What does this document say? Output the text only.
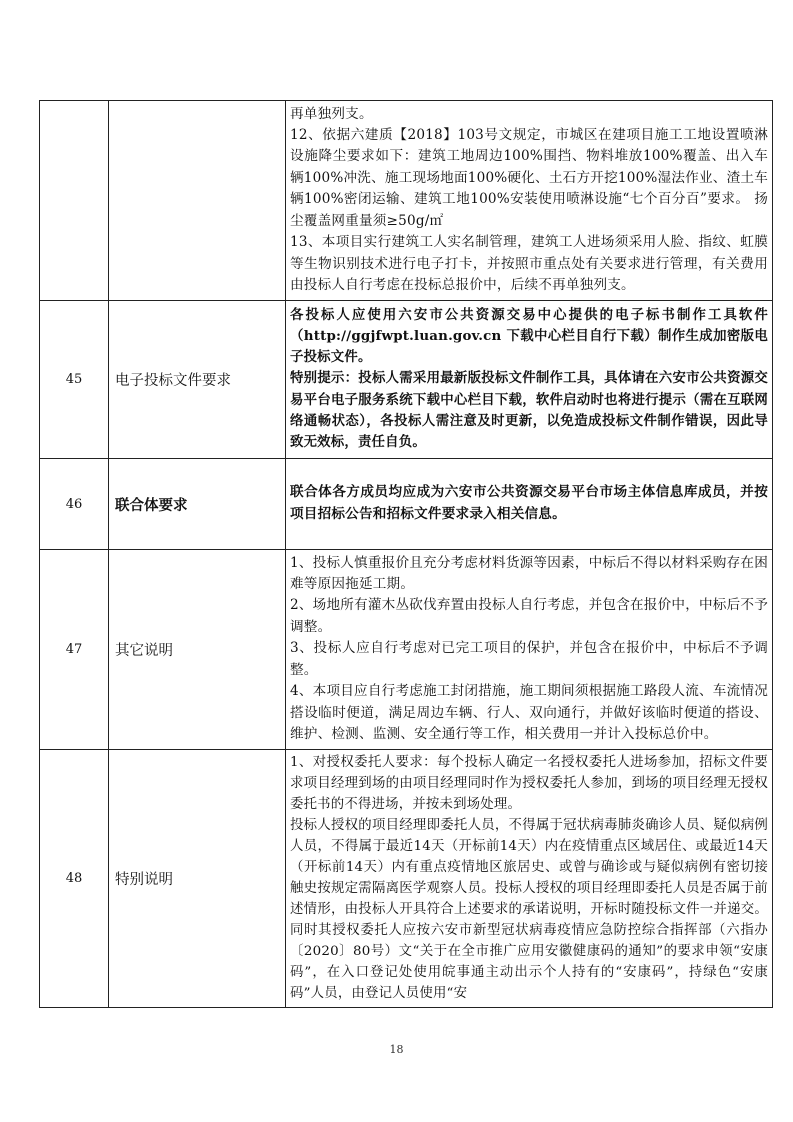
		再单独列支。

12、依据六建质【2018】103号文规定，市城区在建项目施工工地设置喷淋设施降尘要求如下：建筑工地周边100%围挡、物料堆放100%覆盖、出入车辆100%冲洗、施工现场地面100%硬化、土石方开挖100%湿法作业、渣土车辆100%密闭运输、建筑工地100%安装使用喷淋设施“七个百分百”要求。 扬尘覆盖网重量须≥50g/㎡

13、本项目实行建筑工人实名制管理，建筑工人进场须采用人脸、指纹、虹膜等生物识别技术进行电子打卡，并按照市重点处有关要求进行管理，有关费用由投标人自行考虑在投标总报价中，后续不再单独列支。

45	电子投标文件要求	各投标人应使用六安市公共资源交易中心提供的电子标书制作工具软件（http://ggjfwpt.luan.gov.cn 下载中心栏目自行下载）制作生成加密版电子投标文件。

特别提示：投标人需采用最新版投标文件制作工具，具体请在六安市公共资源交易平台电子服务系统下载中心栏目下载，软件启动时也将进行提示（需在互联网络通畅状态），各投标人需注意及时更新，以免造成投标文件制作错误，因此导致无效标，责任自负。

46	联合体要求	联合体各方成员均应成为六安市公共资源交易平台市场主体信息库成员，并按项目招标公告和招标文件要求录入相关信息。

47	其它说明	1、投标人慎重报价且充分考虑材料货源等因素，中标后不得以材料采购存在困难等原因拖延工期。

2、场地所有灌木丛砍伐弃置由投标人自行考虑，并包含在报价中，中标后不予调整。

3、投标人应自行考虑对已完工项目的保护，并包含在报价中，中标后不予调整。

4、本项目应自行考虑施工封闭措施，施工期间须根据施工路段人流、车流情况搭设临时便道，满足周边车辆、行人、双向通行，并做好该临时便道的搭设、维护、检测、监测、安全通行等工作，相关费用一并计入投标总价中。

48	特别说明	1、对授权委托人要求：每个投标人确定一名授权委托人进场参加，招标文件要求项目经理到场的由项目经理同时作为授权委托人参加，到场的项目经理无授权委托书的不得进场，并按未到场处理。

投标人授权的项目经理即委托人员，不得属于冠状病毒肺炎确诊人员、疑似病例人员，不得属于最近14天（开标前14天）内在疫情重点区域居住、或最近14天（开标前14天）内有重点疫情地区旅居史、或曾与确诊或与疑似病例有密切接触史按规定需隔离医学观察人员。投标人授权的项目经理即委托人员是否属于前述情形，由投标人开具符合上述要求的承诺说明，开标时随投标文件一并递交。同时其授权委托人应按六安市新型冠状病毒疫情应急防控综合指挥部（六指办〔2020〕80号）文“关于在全市推广应用安徽健康码的通知”的要求申领“安康码”，在入口登记处使用皖事通主动出示个人持有的“安康码”，持绿色“安康码”人员，由登记人员使用“安

18
